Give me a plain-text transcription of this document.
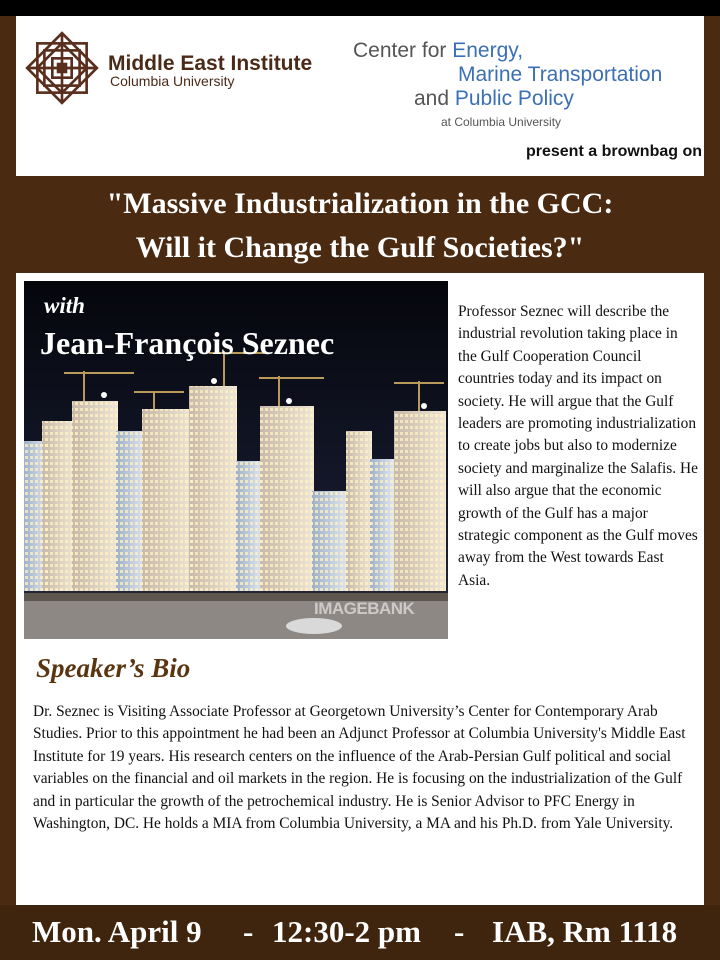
Middle East Institute
Columbia University
Center for Energy,
Marine Transportation
and Public Policy
at Columbia University
present a brownbag on
"Massive Industrialization in the GCC:
Will it Change the Gulf Societies?"
with
Jean-François Seznec
IMAGEBANK
Professor Seznec will describe the industrial revolution taking place in the Gulf Cooperation Council countries today and its impact on society. He will argue that the Gulf leaders are promoting industrialization to create jobs but also to modernize society and marginalize the Salafis. He will also argue that the economic growth of the Gulf has a major strategic component as the Gulf moves away from the West towards East Asia.
Speaker’s Bio
Dr. Seznec is Visiting Associate Professor at Georgetown University’s Center for Contemporary Arab Studies. Prior to this appointment he had been an Adjunct Professor at Columbia University's Middle East Institute for 19 years. His research centers on the influence of the Arab-Persian Gulf political and social variables on the financial and oil markets in the region. He is focusing on the industrialization of the Gulf and in particular the growth of the petrochemical industry. He is Senior Advisor to PFC Energy in Washington, DC. He holds a MIA from Columbia University, a MA and his Ph.D. from Yale University.
Mon. April 9 - 12:30-2 pm - IAB, Rm 1118
